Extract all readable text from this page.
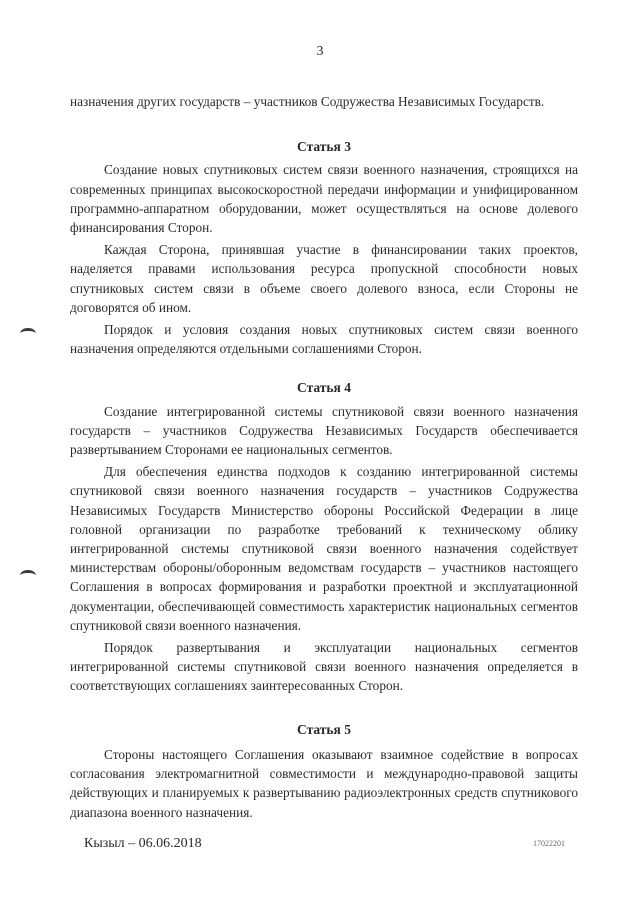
3

назначения других государств – участников Содружества Независимых Государств.

Статья 3

Создание новых спутниковых систем связи военного назначения, строящихся на современных принципах высокоскоростной передачи информации и унифицированном программно-аппаратном оборудовании, может осуществляться на основе долевого финансирования Сторон.

Каждая Сторона, принявшая участие в финансировании таких проектов, наделяется правами использования ресурса пропускной способности новых спутниковых систем связи в объеме своего долевого взноса, если Стороны не договорятся об ином.

Порядок и условия создания новых спутниковых систем связи военного назначения определяются отдельными соглашениями Сторон.

Статья 4

Создание интегрированной системы спутниковой связи военного назначения государств – участников Содружества Независимых Государств обеспечивается развертыванием Сторонами ее национальных сегментов.

Для обеспечения единства подходов к созданию интегрированной системы спутниковой связи военного назначения государств – участников Содружества Независимых Государств Министерство обороны Российской Федерации в лице головной организации по разработке требований к техническому облику интегрированной системы спутниковой связи военного назначения содействует министерствам обороны/оборонным ведомствам государств – участников настоящего Соглашения в вопросах формирования и разработки проектной и эксплуатационной документации, обеспечивающей совместимость характеристик национальных сегментов спутниковой связи военного назначения.

Порядок развертывания и эксплуатации национальных сегментов интегрированной системы спутниковой связи военного назначения определяется в соответствующих соглашениях заинтересованных Сторон.

Статья 5

Стороны настоящего Соглашения оказывают взаимное содействие в вопросах согласования электромагнитной совместимости и международно-правовой защиты действующих и планируемых к развертыванию радиоэлектронных средств спутникового диапазона военного назначения.

Кызыл – 06.06.2018	17022201
